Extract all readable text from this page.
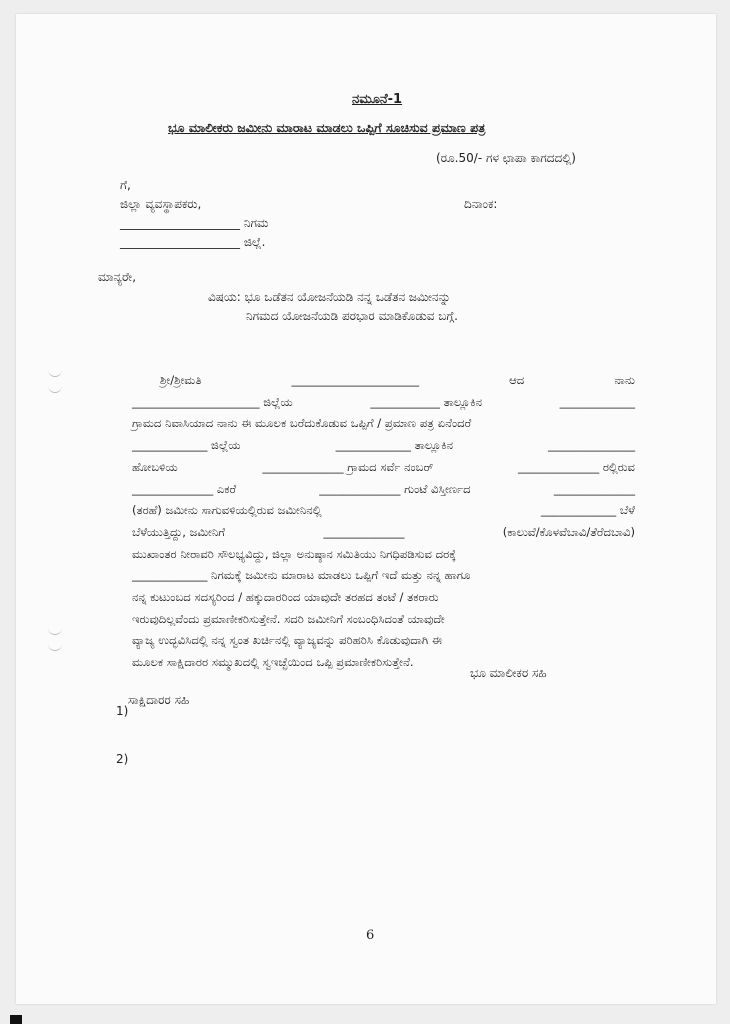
ನಮೂನೆ-1
ಭೂ ಮಾಲೀಕರು ಜಮೀನು ಮಾರಾಟ ಮಾಡಲು ಒಪ್ಪಿಗೆ ಸೂಚಿಸುವ ಪ್ರಮಾಣ ಪತ್ರ
(ರೂ.50/- ಗಳ ಛಾಪಾ ಕಾಗದದಲ್ಲಿ)
ಗೆ,
ಜಿಲ್ಲಾ ವ್ಯವಸ್ಥಾಪಕರು,	ದಿನಾಂಕ:
____________________ ನಿಗಮ
____________________ ಜಿಲ್ಲೆ.
ಮಾನ್ಯರೇ,
ವಿಷಯ: ಭೂ ಒಡೆತನ ಯೋಜನೆಯಡಿ ನನ್ನ ಒಡೆತನ ಜಮೀನನ್ನು
ನಿಗಮದ ಯೋಜನೆಯಡಿ ಪರಭಾರ ಮಾಡಿಕೊಡುವ ಬಗ್ಗೆ.
ಶ್ರೀ/ಶ್ರೀಮತಿ	______________________	ಆದ	ನಾನು
______________________ ಜಿಲ್ಲೆಯ	____________ ತಾಲ್ಲೂಕಿನ	_____________
ಗ್ರಾಮದ ನಿವಾಸಿಯಾದ ನಾನು ಈ ಮೂಲಕ ಬರೆದುಕೊಡುವ ಒಪ್ಪಿಗೆ / ಪ್ರಮಾಣ ಪತ್ರ ಏನೆಂದರೆ
_____________ ಜಿಲ್ಲೆಯ	_____________ ತಾಲ್ಲೂಕಿನ	_______________
ಹೋಬಳಿಯ	______________ ಗ್ರಾಮದ ಸರ್ವೆ ನಂಬರ್	______________ ರಲ್ಲಿರುವ
______________ ಎಕರೆ	______________ ಗುಂಟೆ ವಿಸ್ತೀರ್ಣದ	______________
(ತರಹೆ) ಜಮೀನು ಸಾಗುವಳಿಯಲ್ಲಿರುವ ಜಮೀನಿನಲ್ಲಿ	_____________ ಬೆಳೆ
ಬೆಳೆಯುತ್ತಿದ್ದು, ಜಮೀನಿಗೆ	______________	(ಕಾಲುವೆ/ಕೊಳವೆಬಾವಿ/ತೆರೆದಬಾವಿ)
ಮುಖಾಂತರ ನೀರಾವರಿ ಸೌಲಭ್ಯವಿದ್ದು, ಜಿಲ್ಲಾ ಅನುಷ್ಠಾನ ಸಮಿತಿಯು ನಿಗಧಿಪಡಿಸುವ ದರಕ್ಕೆ
_____________ ನಿಗಮಕ್ಕೆ ಜಮೀನು ಮಾರಾಟ ಮಾಡಲು ಒಪ್ಪಿಗೆ ಇದೆ ಮತ್ತು ನನ್ನ ಹಾಗೂ
ನನ್ನ ಕುಟುಂಬದ ಸದಸ್ಯರಿಂದ / ಹಕ್ಕುದಾರರಿಂದ ಯಾವುದೇ ತರಹದ ತಂಟೆ / ತಕರಾರು
ಇರುವುದಿಲ್ಲವೆಂದು ಪ್ರಮಾಣೀಕರಿಸುತ್ತೇನೆ. ಸದರಿ ಜಮೀನಿಗೆ ಸಂಬಂಧಿಸಿದಂತೆ ಯಾವುದೇ
ವ್ಯಾಜ್ಯ ಉದ್ಭವಿಸಿದಲ್ಲಿ ನನ್ನ ಸ್ವಂತ ಖರ್ಚಿನಲ್ಲಿ ವ್ಯಾಜ್ಯವನ್ನು ಪರಿಹರಿಸಿ ಕೊಡುವುದಾಗಿ ಈ
ಮೂಲಕ ಸಾಕ್ಷಿದಾರರ ಸಮ್ಮುಖದಲ್ಲಿ ಸ್ವಇಚ್ಛೆಯಿಂದ ಒಪ್ಪಿ ಪ್ರಮಾಣೀಕರಿಸುತ್ತೇನೆ.
ಭೂ ಮಾಲೀಕರ ಸಹಿ
ಸಾಕ್ಷಿದಾರರ ಸಹಿ
1)
2)
6
